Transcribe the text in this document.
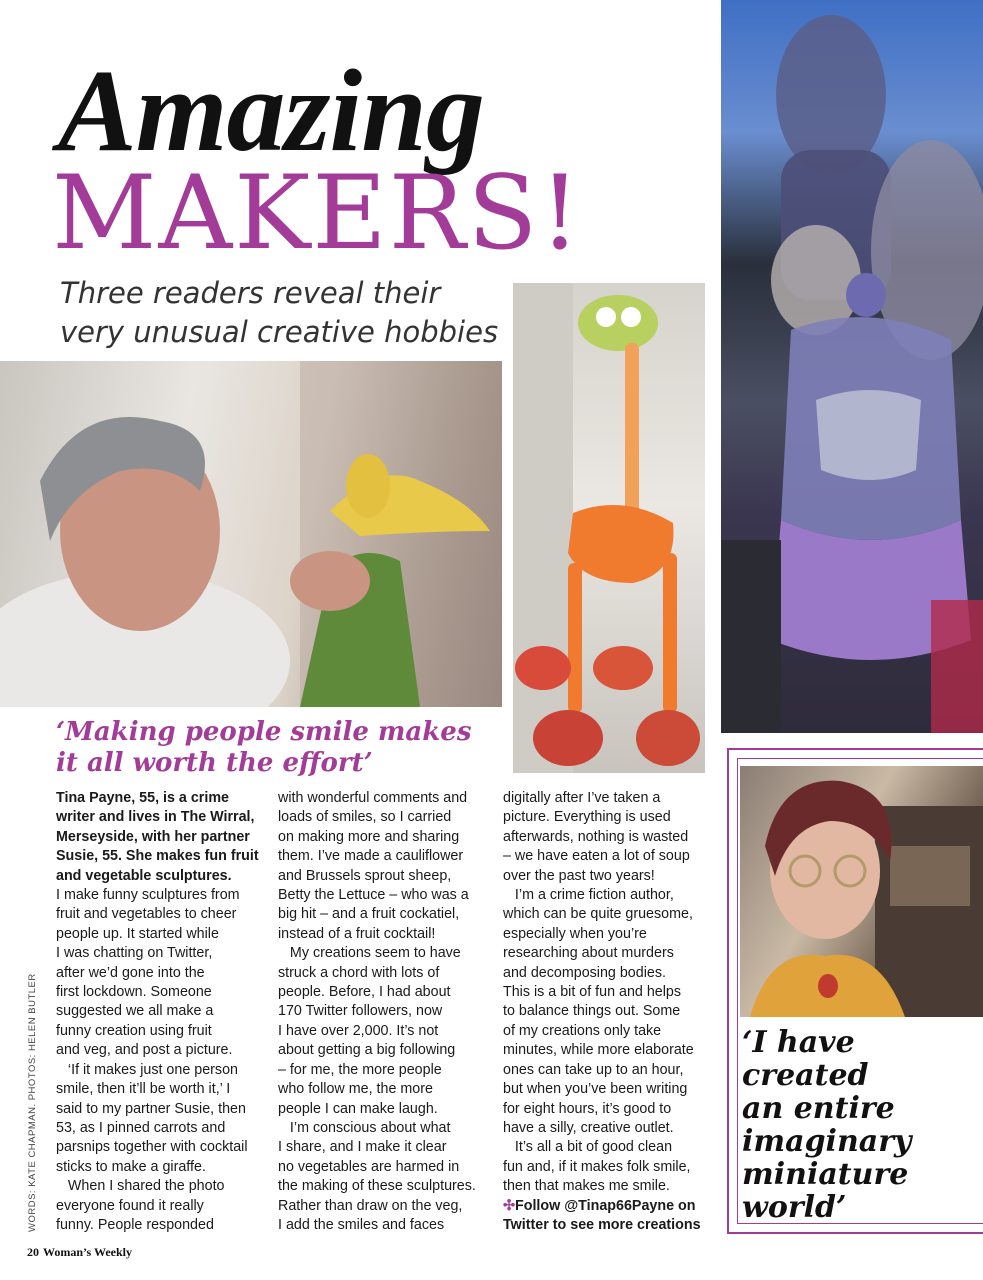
Amazing
MAKERS!
Three readers reveal their
very unusual creative hobbies
‘Making people smile makes
it all worth the effort’
Tina Payne, 55, is a crime
writer and lives in The Wirral,
Merseyside, with her partner
Susie, 55. She makes fun fruit
and vegetable sculptures.
I make funny sculptures from
fruit and vegetables to cheer
people up. It started while
I was chatting on Twitter,
after we’d gone into the
first lockdown. Someone
suggested we all make a
funny creation using fruit
and veg, and post a picture.
‘If it makes just one person
smile, then it’ll be worth it,’ I
said to my partner Susie, then
53, as I pinned carrots and
parsnips together with cocktail
sticks to make a giraffe.
When I shared the photo
everyone found it really
funny. People responded
with wonderful comments and
loads of smiles, so I carried
on making more and sharing
them. I’ve made a cauliflower
and Brussels sprout sheep,
Betty the Lettuce – who was a
big hit – and a fruit cockatiel,
instead of a fruit cocktail!
My creations seem to have
struck a chord with lots of
people. Before, I had about
170 Twitter followers, now
I have over 2,000. It’s not
about getting a big following
– for me, the more people
who follow me, the more
people I can make laugh.
I’m conscious about what
I share, and I make it clear
no vegetables are harmed in
the making of these sculptures.
Rather than draw on the veg,
I add the smiles and faces
digitally after I’ve taken a
picture. Everything is used
afterwards, nothing is wasted
– we have eaten a lot of soup
over the past two years!
I’m a crime fiction author,
which can be quite gruesome,
especially when you’re
researching about murders
and decomposing bodies.
This is a bit of fun and helps
to balance things out. Some
of my creations only take
minutes, while more elaborate
ones can take up to an hour,
but when you’ve been writing
for eight hours, it’s good to
have a silly, creative outlet.
It’s all a bit of good clean
fun and, if it makes folk smile,
then that makes me smile.
✣Follow @Tinap66Payne on
Twitter to see more creations
WORDS: KATE CHAPMAN. PHOTOS: HELEN BUTLER
20 Woman’s Weekly
‘I have
created
an entire
imaginary
miniature
world’
